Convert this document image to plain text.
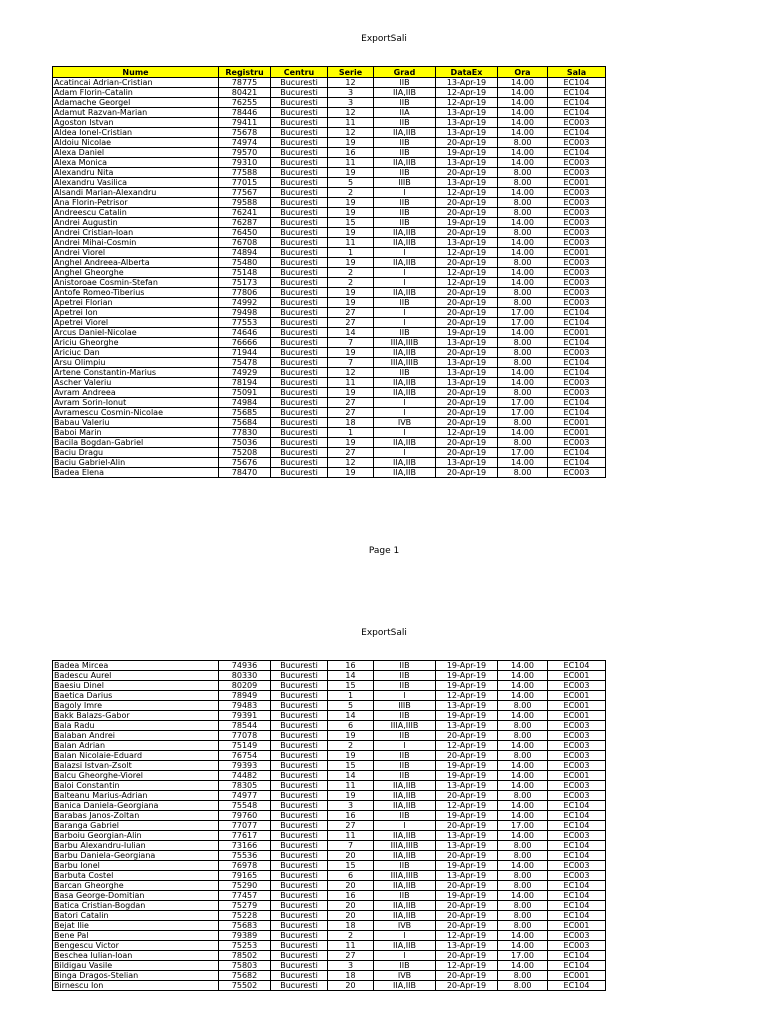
ExportSali
Nume	Registru	Centru	Serie	Grad	DataEx	Ora	Sala
Acatincai Adrian-Cristian	78775	Bucuresti	12	IIB	13-Apr-19	14.00	EC104
Adam Florin-Catalin	80421	Bucuresti	3	IIA,IIB	12-Apr-19	14.00	EC104
Adamache Georgel	76255	Bucuresti	3	IIB	12-Apr-19	14.00	EC104
Adamut Razvan-Marian	78446	Bucuresti	12	IIA	13-Apr-19	14.00	EC104
Agoston Istvan	79411	Bucuresti	11	IIB	13-Apr-19	14.00	EC003
Aldea Ionel-Cristian	75678	Bucuresti	12	IIA,IIB	13-Apr-19	14.00	EC104
Aldoiu Nicolae	74974	Bucuresti	19	IIB	20-Apr-19	8.00	EC003
Alexa Daniel	79570	Bucuresti	16	IIB	19-Apr-19	14.00	EC104
Alexa Monica	79310	Bucuresti	11	IIA,IIB	13-Apr-19	14.00	EC003
Alexandru Nita	77588	Bucuresti	19	IIB	20-Apr-19	8.00	EC003
Alexandru Vasilica	77015	Bucuresti	5	IIIB	13-Apr-19	8.00	EC001
Alsandi Marian-Alexandru	77567	Bucuresti	2	I	12-Apr-19	14.00	EC003
Ana Florin-Petrisor	79588	Bucuresti	19	IIB	20-Apr-19	8.00	EC003
Andreescu Catalin	76241	Bucuresti	19	IIB	20-Apr-19	8.00	EC003
Andrei Augustin	76287	Bucuresti	15	IIB	19-Apr-19	14.00	EC003
Andrei Cristian-Ioan	76450	Bucuresti	19	IIA,IIB	20-Apr-19	8.00	EC003
Andrei Mihai-Cosmin	76708	Bucuresti	11	IIA,IIB	13-Apr-19	14.00	EC003
Andrei Viorel	74894	Bucuresti	1	I	12-Apr-19	14.00	EC001
Anghel Andreea-Alberta	75480	Bucuresti	19	IIA,IIB	20-Apr-19	8.00	EC003
Anghel Gheorghe	75148	Bucuresti	2	I	12-Apr-19	14.00	EC003
Anistoroae Cosmin-Stefan	75173	Bucuresti	2	I	12-Apr-19	14.00	EC003
Antofe Romeo-Tiberius	77806	Bucuresti	19	IIA,IIB	20-Apr-19	8.00	EC003
Apetrei Florian	74992	Bucuresti	19	IIB	20-Apr-19	8.00	EC003
Apetrei Ion	79498	Bucuresti	27	I	20-Apr-19	17.00	EC104
Apetrei Viorel	77553	Bucuresti	27	I	20-Apr-19	17.00	EC104
Arcus Daniel-Nicolae	74646	Bucuresti	14	IIB	19-Apr-19	14.00	EC001
Ariciu Gheorghe	76666	Bucuresti	7	IIIA,IIIB	13-Apr-19	8.00	EC104
Ariciuc Dan	71944	Bucuresti	19	IIA,IIB	20-Apr-19	8.00	EC003
Arsu Olimpiu	75478	Bucuresti	7	IIIA,IIIB	13-Apr-19	8.00	EC104
Artene Constantin-Marius	74929	Bucuresti	12	IIB	13-Apr-19	14.00	EC104
Ascher Valeriu	78194	Bucuresti	11	IIA,IIB	13-Apr-19	14.00	EC003
Avram Andreea	75091	Bucuresti	19	IIA,IIB	20-Apr-19	8.00	EC003
Avram Sorin-Ionut	74984	Bucuresti	27	I	20-Apr-19	17.00	EC104
Avramescu Cosmin-Nicolae	75685	Bucuresti	27	I	20-Apr-19	17.00	EC104
Babau Valeriu	75684	Bucuresti	18	IVB	20-Apr-19	8.00	EC001
Baboi Marin	77830	Bucuresti	1	I	12-Apr-19	14.00	EC001
Bacila Bogdan-Gabriel	75036	Bucuresti	19	IIA,IIB	20-Apr-19	8.00	EC003
Baciu Dragu	75208	Bucuresti	27	I	20-Apr-19	17.00	EC104
Baciu Gabriel-Alin	75676	Bucuresti	12	IIA,IIB	13-Apr-19	14.00	EC104
Badea Elena	78470	Bucuresti	19	IIA,IIB	20-Apr-19	8.00	EC003
Page 1
ExportSali
Badea Mircea	74936	Bucuresti	16	IIB	19-Apr-19	14.00	EC104
Badescu Aurel	80330	Bucuresti	14	IIB	19-Apr-19	14.00	EC001
Baesiu Dinel	80209	Bucuresti	15	IIB	19-Apr-19	14.00	EC003
Baetica Darius	78949	Bucuresti	1	I	12-Apr-19	14.00	EC001
Bagoly Imre	79483	Bucuresti	5	IIIB	13-Apr-19	8.00	EC001
Bakk Balazs-Gabor	79391	Bucuresti	14	IIB	19-Apr-19	14.00	EC001
Bala Radu	78544	Bucuresti	6	IIIA,IIIB	13-Apr-19	8.00	EC003
Balaban Andrei	77078	Bucuresti	19	IIB	20-Apr-19	8.00	EC003
Balan Adrian	75149	Bucuresti	2	I	12-Apr-19	14.00	EC003
Balan Nicolaie-Eduard	76754	Bucuresti	19	IIB	20-Apr-19	8.00	EC003
Balazsi Istvan-Zsolt	79393	Bucuresti	15	IIB	19-Apr-19	14.00	EC003
Balcu Gheorghe-Viorel	74482	Bucuresti	14	IIB	19-Apr-19	14.00	EC001
Baloi Constantin	78305	Bucuresti	11	IIA,IIB	13-Apr-19	14.00	EC003
Balteanu Marius-Adrian	74977	Bucuresti	19	IIA,IIB	20-Apr-19	8.00	EC003
Banica Daniela-Georgiana	75548	Bucuresti	3	IIA,IIB	12-Apr-19	14.00	EC104
Barabas Janos-Zoltan	79760	Bucuresti	16	IIB	19-Apr-19	14.00	EC104
Baranga Gabriel	77077	Bucuresti	27	I	20-Apr-19	17.00	EC104
Barboiu Georgian-Alin	77617	Bucuresti	11	IIA,IIB	13-Apr-19	14.00	EC003
Barbu Alexandru-Iulian	73166	Bucuresti	7	IIIA,IIIB	13-Apr-19	8.00	EC104
Barbu Daniela-Georgiana	75536	Bucuresti	20	IIA,IIB	20-Apr-19	8.00	EC104
Barbu Ionel	76978	Bucuresti	15	IIB	19-Apr-19	14.00	EC003
Barbuta Costel	79165	Bucuresti	6	IIIA,IIIB	13-Apr-19	8.00	EC003
Barcan Gheorghe	75290	Bucuresti	20	IIA,IIB	20-Apr-19	8.00	EC104
Basa George-Domitian	77457	Bucuresti	16	IIB	19-Apr-19	14.00	EC104
Batica Cristian-Bogdan	75279	Bucuresti	20	IIA,IIB	20-Apr-19	8.00	EC104
Batori Catalin	75228	Bucuresti	20	IIA,IIB	20-Apr-19	8.00	EC104
Bejat Ilie	75683	Bucuresti	18	IVB	20-Apr-19	8.00	EC001
Bene Pal	79389	Bucuresti	2	I	12-Apr-19	14.00	EC003
Bengescu Victor	75253	Bucuresti	11	IIA,IIB	13-Apr-19	14.00	EC003
Beschea Iulian-Ioan	78502	Bucuresti	27	I	20-Apr-19	17.00	EC104
Bildigau Vasile	75803	Bucuresti	3	IIB	12-Apr-19	14.00	EC104
Binga Dragos-Stelian	75682	Bucuresti	18	IVB	20-Apr-19	8.00	EC001
Birnescu Ion	75502	Bucuresti	20	IIA,IIB	20-Apr-19	8.00	EC104
